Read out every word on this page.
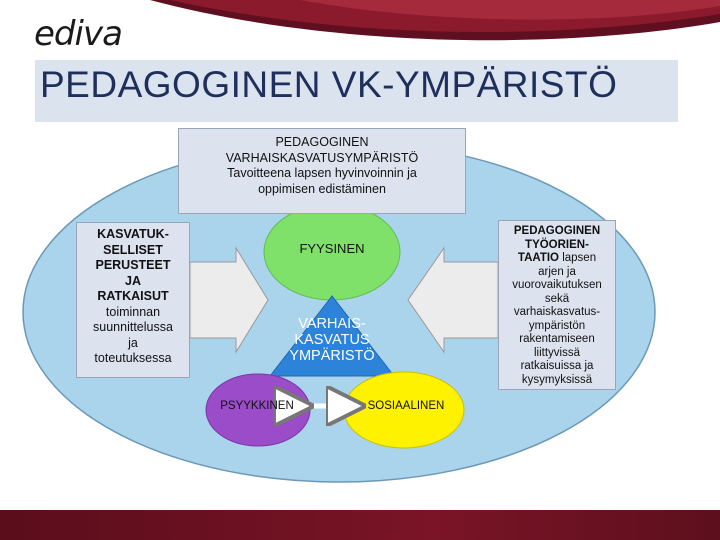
ediva
PEDAGOGINEN VK-YMPÄRISTÖ
PEDAGOGINEN
VARHAISKASVATUSYMPÄRISTÖ
Tavoitteena lapsen hyvinvoinnin ja
oppimisen edistäminen
KASVATUK-
SELLISET
PERUSTEET
JA
RATKAISUT
toiminnan
suunnittelussa
ja
toteutuksessa
PEDAGOGINEN
TYÖORIEN-
TAATIO lapsen
arjen ja
vuorovaikutuksen
sekä
varhaiskasvatus-
ympäristön
rakentamiseen
liittyvissä
ratkaisuissa ja
kysymyksissä
FYYSINEN
VARHAIS-
KASVATUS
YMPÄRISTÖ
PSYYKKINEN	SOSIAALINEN
